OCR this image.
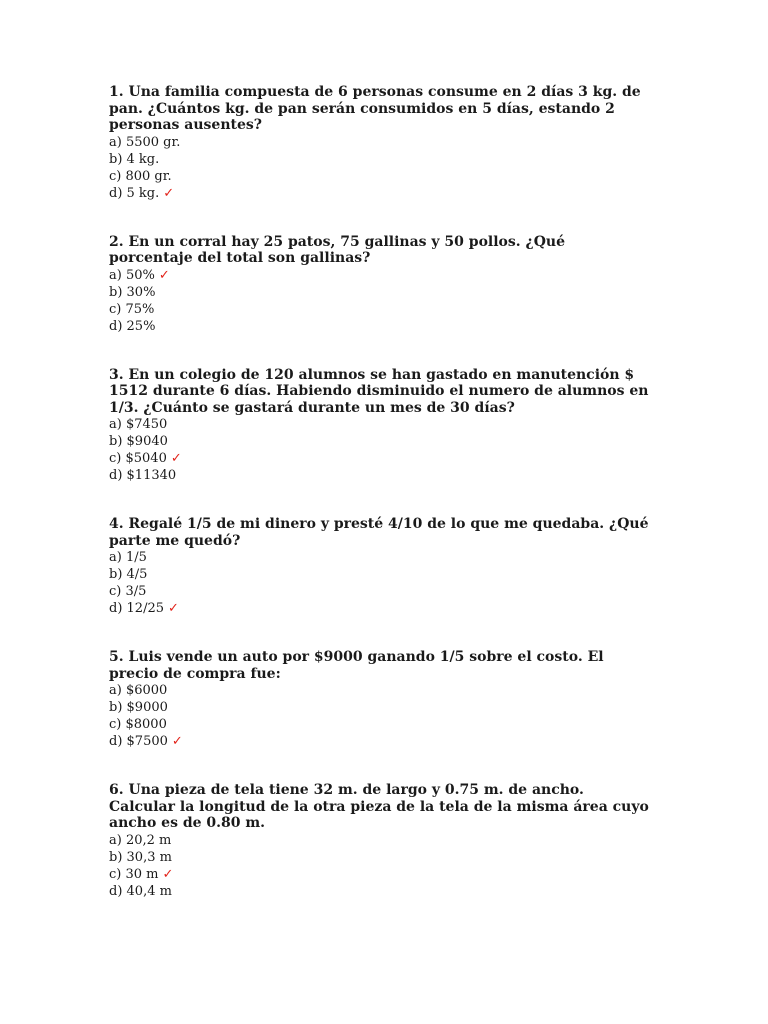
1. Una familia compuesta de 6 personas consume en 2 días 3 kg. de pan. ¿Cuántos kg. de pan serán consumidos en 5 días, estando 2 personas ausentes?

a) 5500 gr.
b) 4 kg.
c) 800 gr.
d) 5 kg. ✓

2. En un corral hay 25 patos, 75 gallinas y 50 pollos. ¿Qué porcentaje del total son gallinas?

a) 50% ✓
b) 30%
c) 75%
d) 25%

3. En un colegio de 120 alumnos se han gastado en manutención $ 1512 durante 6 días. Habiendo disminuido el numero de alumnos en 1/3. ¿Cuánto se gastará durante un mes de 30 días?

a) $7450
b) $9040
c) $5040 ✓
d) $11340

4. Regalé 1/5 de mi dinero y presté 4/10 de lo que me quedaba. ¿Qué parte me quedó?

a) 1/5
b) 4/5
c) 3/5
d) 12/25 ✓

5. Luis vende un auto por $9000 ganando 1/5 sobre el costo. El precio de compra fue:

a) $6000
b) $9000
c) $8000
d) $7500 ✓

6. Una pieza de tela tiene 32 m. de largo y 0.75 m. de ancho. Calcular la longitud de la otra pieza de la tela de la misma área cuyo ancho es de 0.80 m.

a) 20,2 m
b) 30,3 m
c) 30 m ✓
d) 40,4 m
